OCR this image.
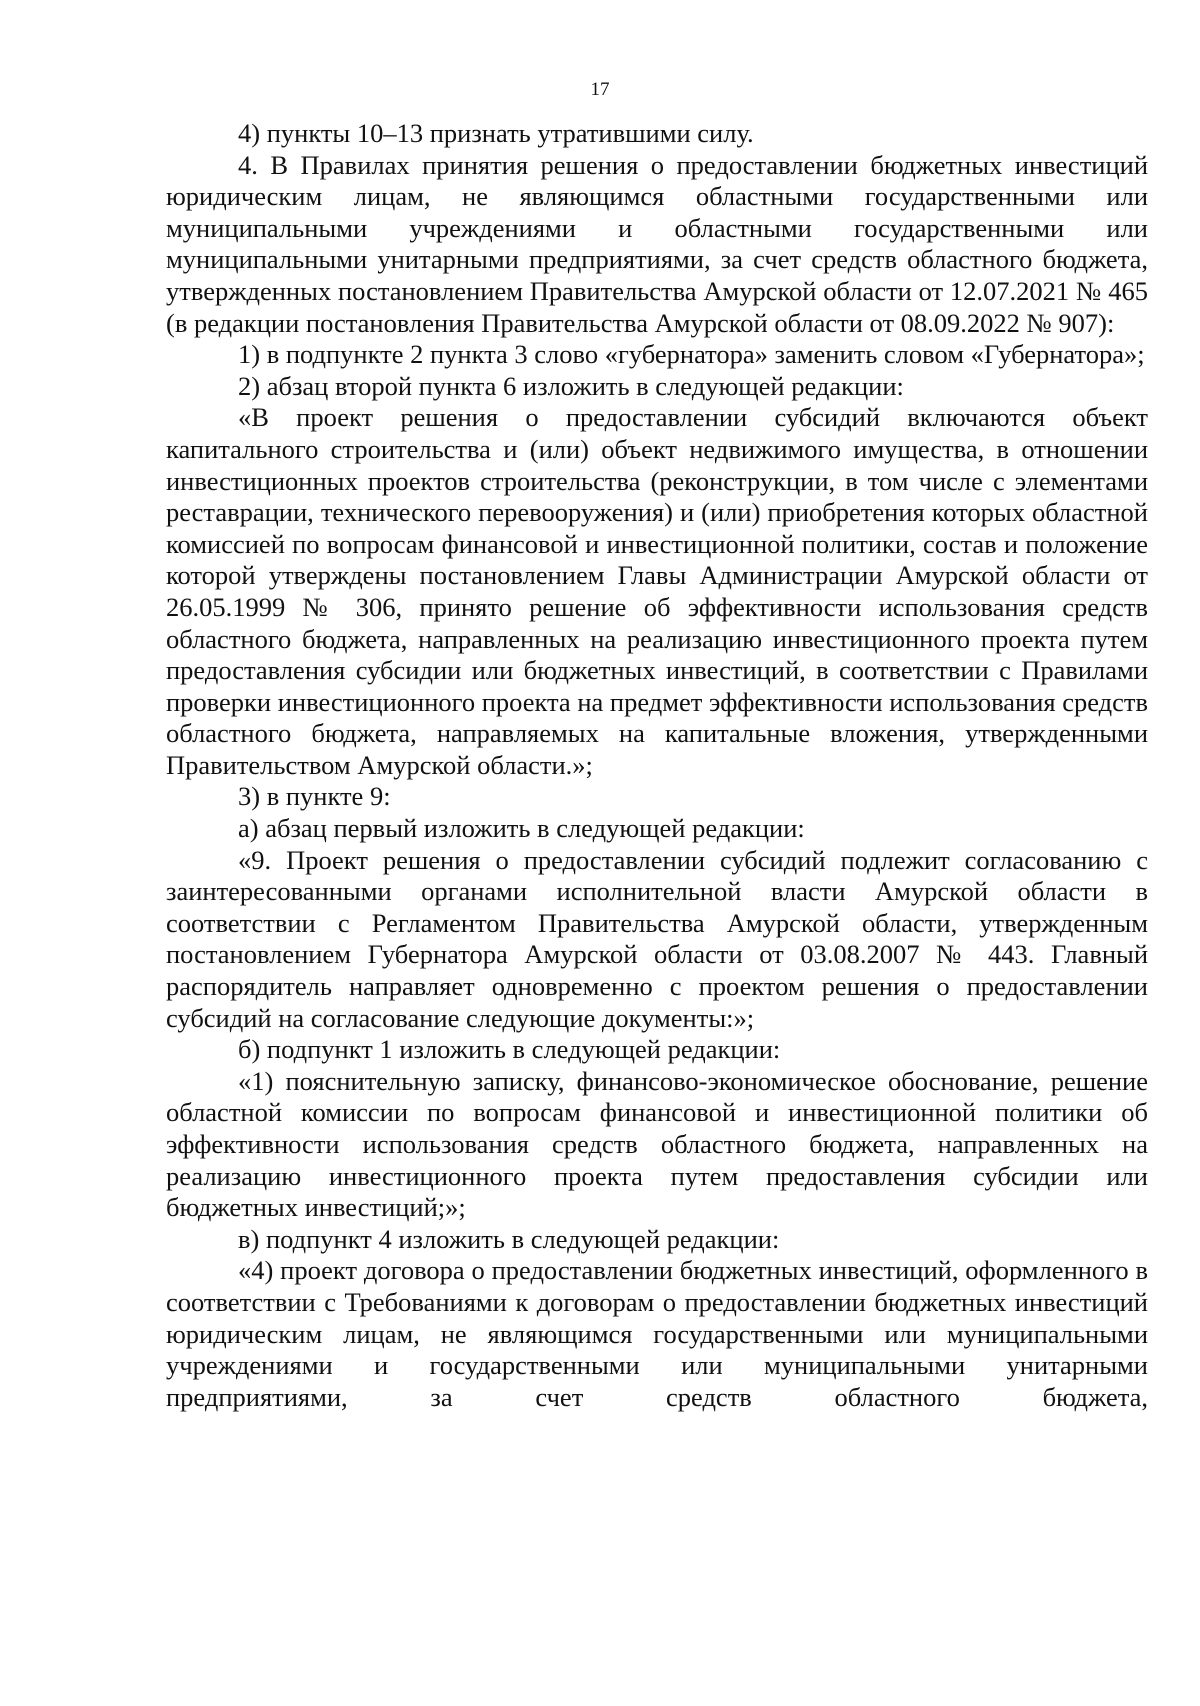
17

4) пункты 10–13 признать утратившими силу.

4. В Правилах принятия решения о предоставлении бюджетных инвестиций юридическим лицам, не являющимся областными государственными или муниципальными учреждениями и областными государственными или муниципальными унитарными предприятиями, за счет средств областного бюджета, утвержденных постановлением Правительства Амурской области от 12.07.2021 № 465 (в редакции постановления Правительства Амурской области от 08.09.2022 № 907):

1) в подпункте 2 пункта 3 слово «губернатора» заменить словом «Губернатора»;

2) абзац второй пункта 6 изложить в следующей редакции:

«В проект решения о предоставлении субсидий включаются объект капитального строительства и (или) объект недвижимого имущества, в отношении инвестиционных проектов строительства (реконструкции, в том числе с элементами реставрации, технического перевооружения) и (или) приобретения которых областной комиссией по вопросам финансовой и инвестиционной политики, состав и положение которой утверждены постановлением Главы Администрации Амурской области от 26.05.1999 № 306, принято решение об эффективности использования средств областного бюджета, направленных на реализацию инвестиционного проекта путем предоставления субсидии или бюджетных инвестиций, в соответствии с Правилами проверки инвестиционного проекта на предмет эффективности использования средств областного бюджета, направляемых на капитальные вложения, утвержденными Правительством Амурской области.»;

3) в пункте 9:

а) абзац первый изложить в следующей редакции:

«9. Проект решения о предоставлении субсидий подлежит согласованию с заинтересованными органами исполнительной власти Амурской области в соответствии с Регламентом Правительства Амурской области, утвержденным постановлением Губернатора Амурской области от 03.08.2007 № 443. Главный распорядитель направляет одновременно с проектом решения о предоставлении субсидий на согласование следующие документы:»;

б) подпункт 1 изложить в следующей редакции:

«1) пояснительную записку, финансово-экономическое обоснование, решение областной комиссии по вопросам финансовой и инвестиционной политики об эффективности использования средств областного бюджета, направленных на реализацию инвестиционного проекта путем предоставления субсидии или бюджетных инвестиций;»;

в) подпункт 4 изложить в следующей редакции:

«4) проект договора о предоставлении бюджетных инвестиций, оформленного в соответствии с Требованиями к договорам о предоставлении бюджетных инвестиций юридическим лицам, не являющимся государственными или муниципальными учреждениями и государственными или муниципальными унитарными предприятиями, за счет средств областного бюджета,
